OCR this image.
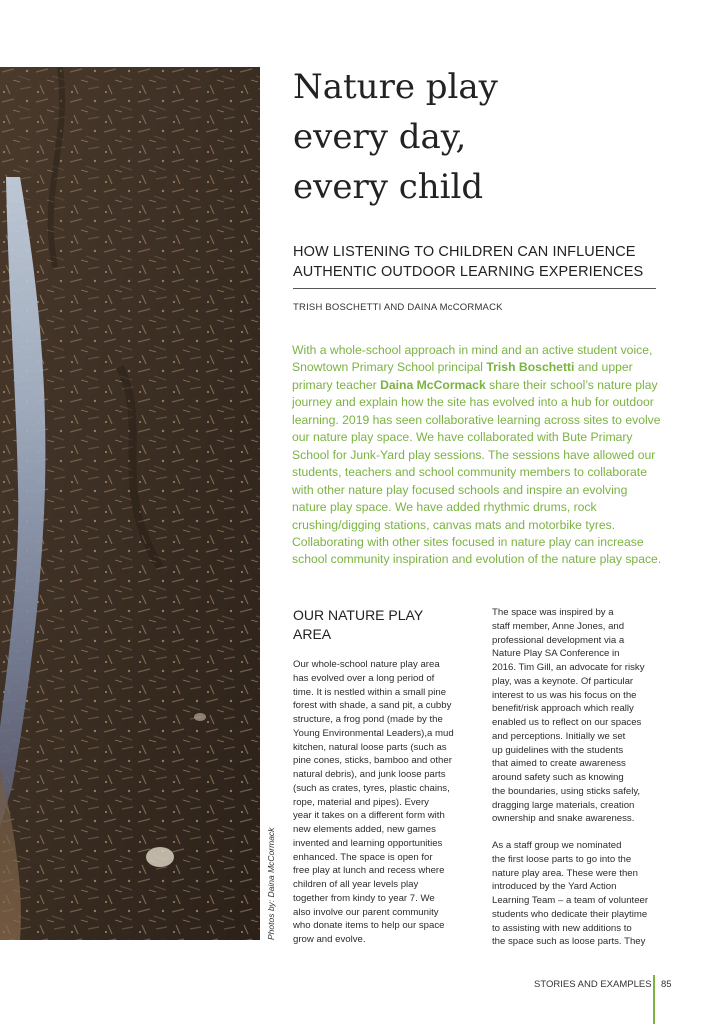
Photos by: Daina McCormack
Nature play
every day,
every child
HOW LISTENING TO CHILDREN CAN INFLUENCE
AUTHENTIC OUTDOOR LEARNING EXPERIENCES
TRISH BOSCHETTI AND DAINA McCORMACK

With a whole-school approach in mind and an active student voice, Snowtown Primary School principal Trish Boschetti and upper primary teacher Daina McCormack share their school’s nature play journey and explain how the site has evolved into a hub for outdoor learning. 2019 has seen collaborative learning across sites to evolve our nature play space. We have collaborated with Bute Primary School for Junk-Yard play sessions. The sessions have allowed our students, teachers and school community members to collaborate with other nature play focused schools and inspire an evolving nature play space. We have added rhythmic drums, rock crushing/digging stations, canvas mats and motorbike tyres. Collaborating with other sites focused in nature play can increase school community inspiration and evolution of the nature play space.

OUR NATURE PLAY
AREA

Our whole-school nature play area
has evolved over a long period of
time. It is nestled within a small pine
forest with shade, a sand pit, a cubby
structure, a frog pond (made by the
Young Environmental Leaders),a mud
kitchen, natural loose parts (such as
pine cones, sticks, bamboo and other
natural debris), and junk loose parts
(such as crates, tyres, plastic chains,
rope, material and pipes). Every
year it takes on a different form with
new elements added, new games
invented and learning opportunities
enhanced. The space is open for
free play at lunch and recess where
children of all year levels play
together from kindy to year 7. We
also involve our parent community
who donate items to help our space
grow and evolve.

The space was inspired by a
staff member, Anne Jones, and
professional development via a
Nature Play SA Conference in
2016. Tim Gill, an advocate for risky
play, was a keynote. Of particular
interest to us was his focus on the
benefit/risk approach which really
enabled us to reflect on our spaces
and perceptions. Initially we set
up guidelines with the students
that aimed to create awareness
around safety such as knowing
the boundaries, using sticks safely,
dragging large materials, creation
ownership and snake awareness.

As a staff group we nominated
the first loose parts to go into the
nature play area. These were then
introduced by the Yard Action
Learning Team – a team of volunteer
students who dedicate their playtime
to assisting with new additions to
the space such as loose parts. They

STORIES AND EXAMPLES 85
